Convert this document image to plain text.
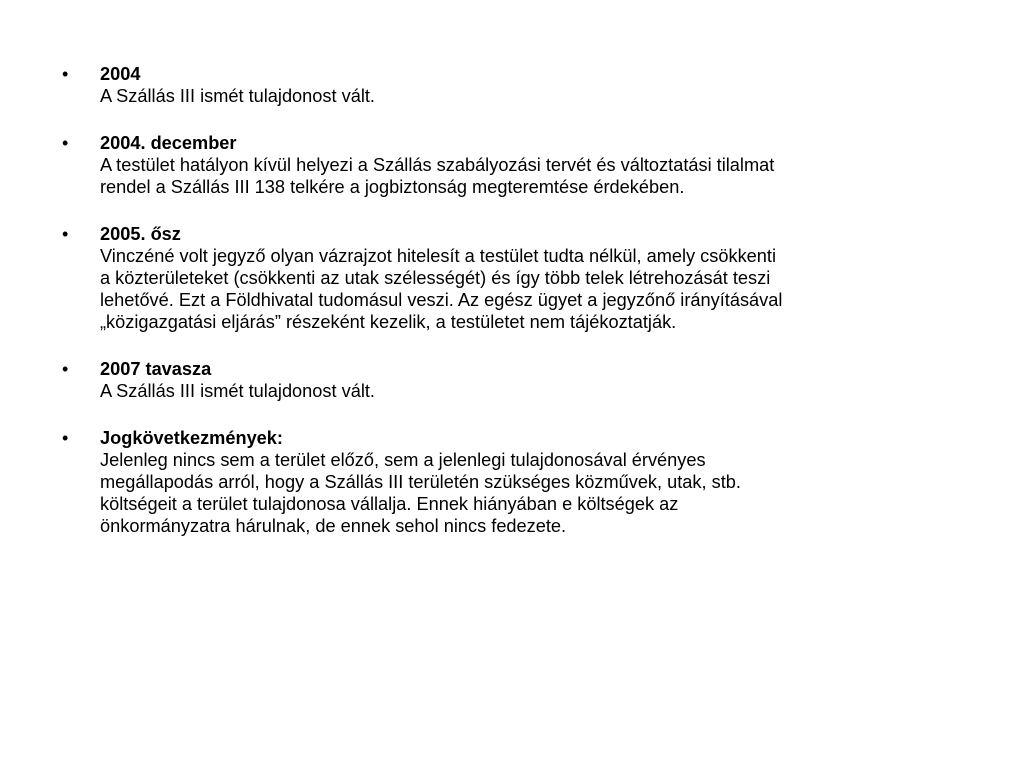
• 2004
A Szállás III ismét tulajdonost vált.
• 2004. december
A testület hatályon kívül helyezi a Szállás szabályozási tervét és változtatási tilalmat
rendel a Szállás III 138 telkére a jogbiztonság megteremtése érdekében.
• 2005. ősz
Vinczéné volt jegyző olyan vázrajzot hitelesít a testület tudta nélkül, amely csökkenti
a közterületeket (csökkenti az utak szélességét) és így több telek létrehozását teszi
lehetővé. Ezt a Földhivatal tudomásul veszi. Az egész ügyet a jegyzőnő irányításával
„közigazgatási eljárás” részeként kezelik, a testületet nem tájékoztatják.
• 2007 tavasza
A Szállás III ismét tulajdonost vált.
• Jogkövetkezmények:
Jelenleg nincs sem a terület előző, sem a jelenlegi tulajdonosával érvényes
megállapodás arról, hogy a Szállás III területén szükséges közművek, utak, stb.
költségeit a terület tulajdonosa vállalja. Ennek hiányában e költségek az
önkormányzatra hárulnak, de ennek sehol nincs fedezete.
